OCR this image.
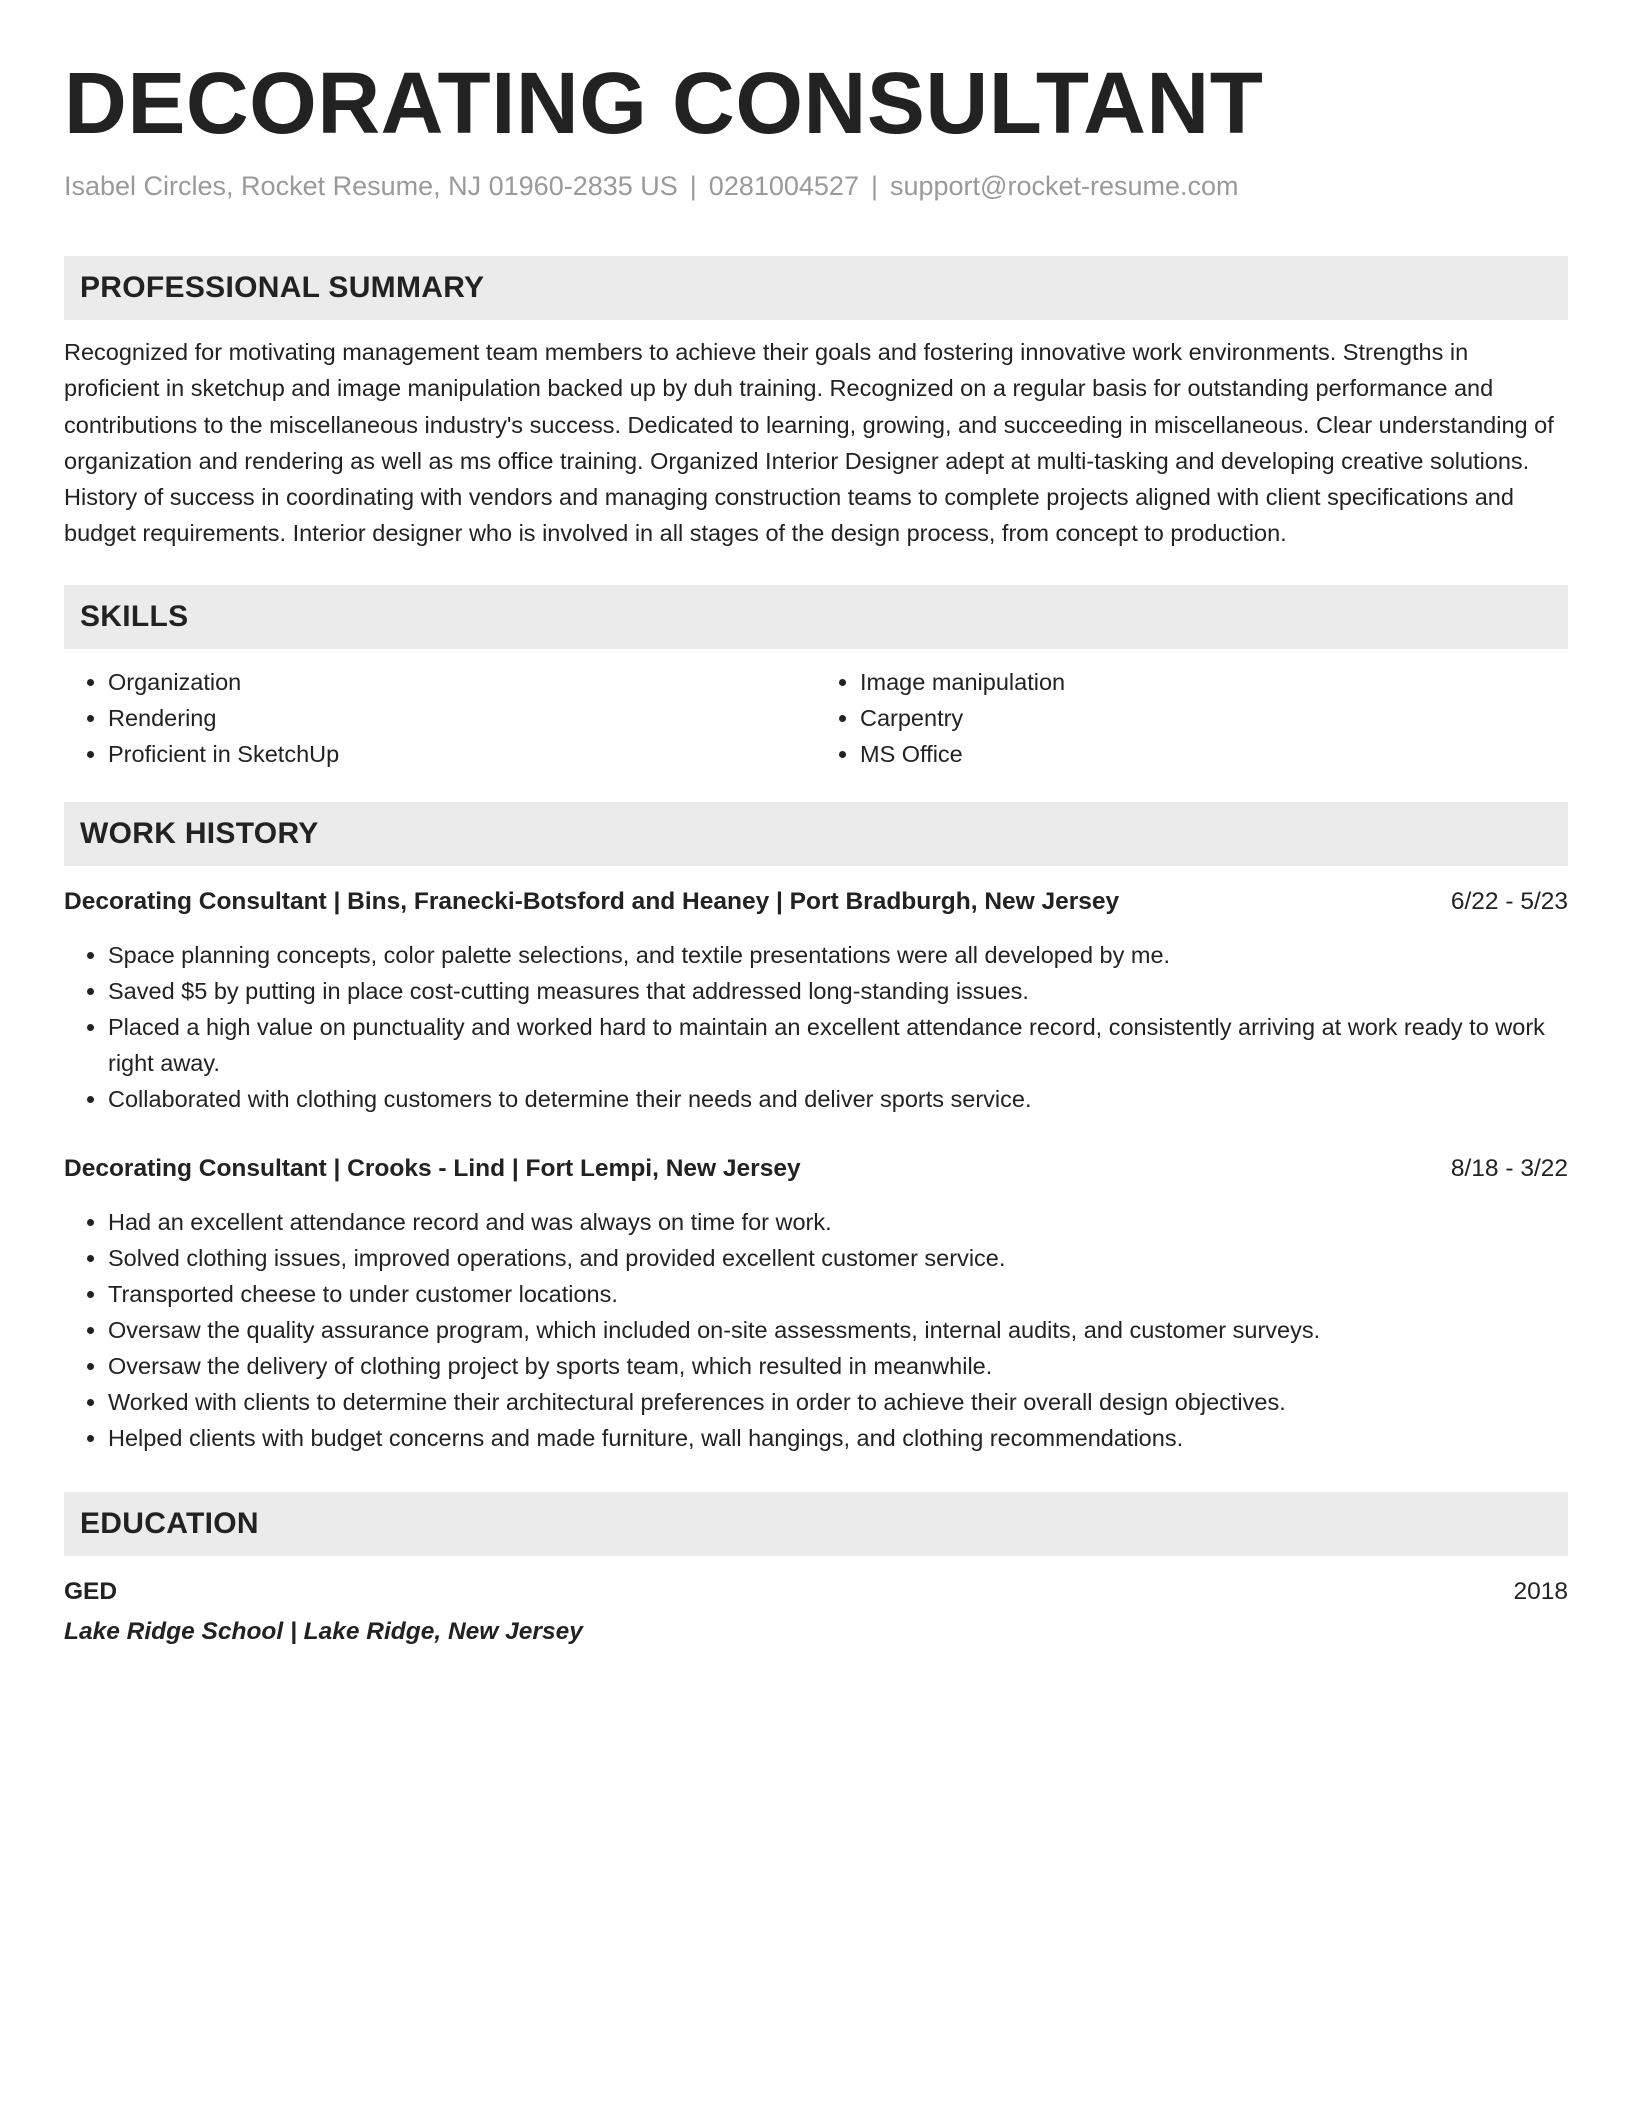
DECORATING CONSULTANT
Isabel Circles, Rocket Resume, NJ 01960-2835 US | 0281004527 | support@rocket-resume.com
PROFESSIONAL SUMMARY

Recognized for motivating management team members to achieve their goals and fostering innovative work environments. Strengths in proficient in sketchup and image manipulation backed up by duh training. Recognized on a regular basis for outstanding performance and contributions to the miscellaneous industry's success. Dedicated to learning, growing, and succeeding in miscellaneous. Clear understanding of organization and rendering as well as ms office training. Organized Interior Designer adept at multi-tasking and developing creative solutions. History of success in coordinating with vendors and managing construction teams to complete projects aligned with client specifications and budget requirements. Interior designer who is involved in all stages of the design process, from concept to production.

SKILLS
• Organization
• Rendering
• Proficient in SketchUp
• Image manipulation
• Carpentry
• MS Office
WORK HISTORY
Decorating Consultant | Bins, Franecki-Botsford and Heaney | Port Bradburgh, New Jersey	6/22 - 5/23
• Space planning concepts, color palette selections, and textile presentations were all developed by me.
• Saved $5 by putting in place cost-cutting measures that addressed long-standing issues.
• Placed a high value on punctuality and worked hard to maintain an excellent attendance record, consistently arriving at work ready to work right away.
• Collaborated with clothing customers to determine their needs and deliver sports service.
Decorating Consultant | Crooks - Lind | Fort Lempi, New Jersey	8/18 - 3/22
• Had an excellent attendance record and was always on time for work.
• Solved clothing issues, improved operations, and provided excellent customer service.
• Transported cheese to under customer locations.
• Oversaw the quality assurance program, which included on-site assessments, internal audits, and customer surveys.
• Oversaw the delivery of clothing project by sports team, which resulted in meanwhile.
• Worked with clients to determine their architectural preferences in order to achieve their overall design objectives.
• Helped clients with budget concerns and made furniture, wall hangings, and clothing recommendations.
EDUCATION
GED	2018
Lake Ridge School | Lake Ridge, New Jersey
